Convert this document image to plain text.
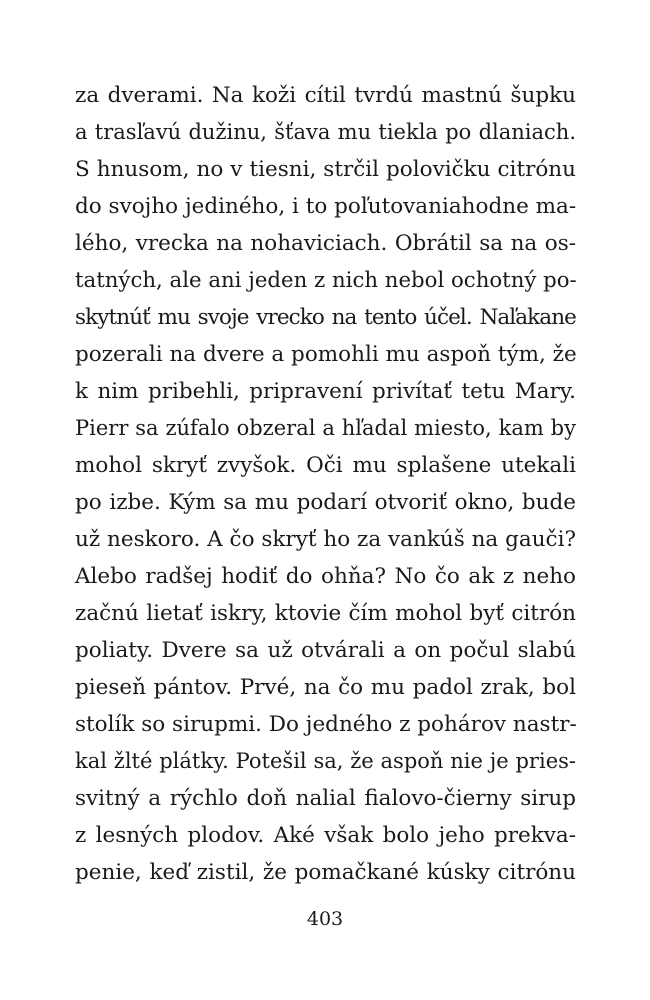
za dverami. Na koži cítil tvrdú mastnú šupku
a trasľavú dužinu, šťava mu tiekla po dlaniach.
S hnusom, no v tiesni, strčil polovičku citrónu
do svojho jediného, i to poľutovaniahodne ma-
lého, vrecka na nohaviciach. Obrátil sa na os-
tatných, ale ani jeden z nich nebol ochotný po-
skytnúť mu svoje vrecko na tento účel. Naľakane
pozerali na dvere a pomohli mu aspoň tým, že
k nim pribehli, pripravení privítať tetu Mary.
Pierr sa zúfalo obzeral a hľadal miesto, kam by
mohol skryť zvyšok. Oči mu splašene utekali
po izbe. Kým sa mu podarí otvoriť okno, bude
už neskoro. A čo skryť ho za vankúš na gauči?
Alebo radšej hodiť do ohňa? No čo ak z neho
začnú lietať iskry, ktovie čím mohol byť citrón
poliaty. Dvere sa už otvárali a on počul slabú
pieseň pántov. Prvé, na čo mu padol zrak, bol
stolík so sirupmi. Do jedného z pohárov nastr-
kal žlté plátky. Potešil sa, že aspoň nie je pries-
svitný a rýchlo doň nalial fialovo-čierny sirup
z lesných plodov. Aké však bolo jeho prekva-
penie, keď zistil, že pomačkané kúsky citrónu
403
